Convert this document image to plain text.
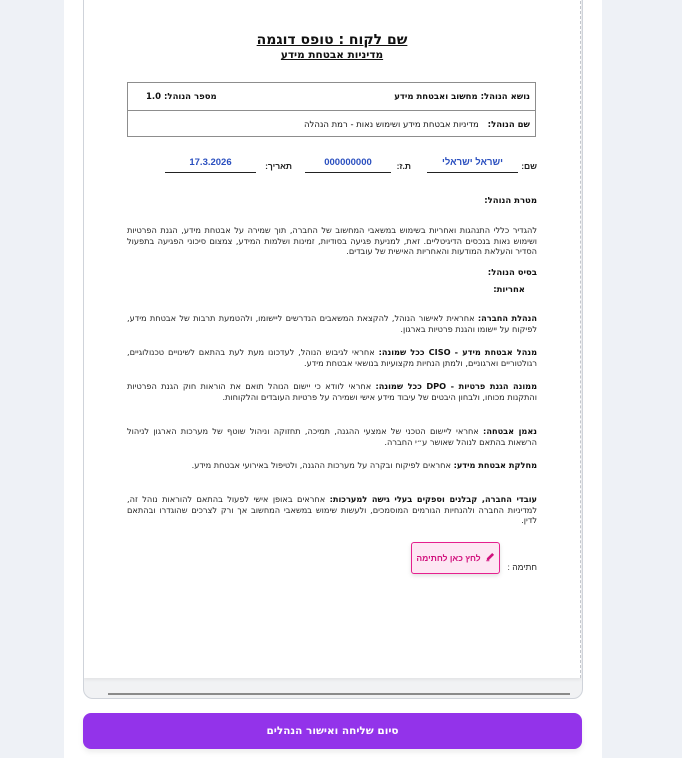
שם לקוח : טופס דוגמה
מדיניות אבטחת מידע
נושא הנוהל: מחשוב ואבטחת מידע
מספר הנוהל: 1.0
שם הנוהל:   מדיניות אבטחת מידע ושימוש נאות - רמת הנהלה
שם:
ישראל ישראלי
ת.ז:
000000000
תאריך:
17.3.2026
מטרת הנוהל:
להגדיר כללי התנהגות ואחריות בשימוש במשאבי המחשוב של החברה, תוך שמירה על אבטחת מידע, הגנת הפרטיות ושימוש נאות בנכסים הדיגיטליים. זאת, למניעת פגיעה בסודיות, זמינות ושלמות המידע, צמצום סיכוני הפגיעה בתפעול הסדיר והעלאת המודעות והאחריות האישית של עובדים.
בסיס הנוהל:
אחריות:
הנהלת החברה: אחראית לאישור הנוהל, להקצאת המשאבים הנדרשים ליישומו, ולהטמעת תרבות של אבטחת מידע, לפיקוח על יישומו והגנת פרטיות בארגון.
מנהל אבטחת מידע - CISO ככל שמונה: אחראי לגיבוש הנוהל, לעדכונו מעת לעת בהתאם לשינויים טכנולוגיים, רגולטוריים וארגוניים, ולמתן הנחיות מקצועיות בנושאי אבטחת מידע.
ממונה הגנת פרטיות - DPO ככל שמונה: אחראי לוודא כי יישום הנוהל תואם את הוראות חוק הגנת הפרטיות והתקנות מכוחו, ולבחון היבטים של עיבוד מידע אישי ושמירה על פרטיות העובדים והלקוחות.
נאמן אבטחה: אחראי ליישום הטכני של אמצעי ההגנה, תמיכה, תחזוקה וניהול שוטף של מערכות הארגון לניהול הרשאות בהתאם לנוהל שאושר ע״י החברה.
מחלקת אבטחת מידע: אחראים לפיקוח ובקרה על מערכות ההגנה, ולטיפול באירועי אבטחת מידע.
עובדי החברה, קבלנים וספקים בעלי גישה למערכות: אחראים באופן אישי לפעול בהתאם להוראות נוהל זה, למדיניות החברה ולהנחיות הגורמים המוסמכים, ולעשות שימוש במשאבי המחשוב אך ורק לצרכים שהוגדרו ובהתאם לדין.
חתימה :
לחץ כאן לחתימה
סיום שליחה ואישור הנהלים
